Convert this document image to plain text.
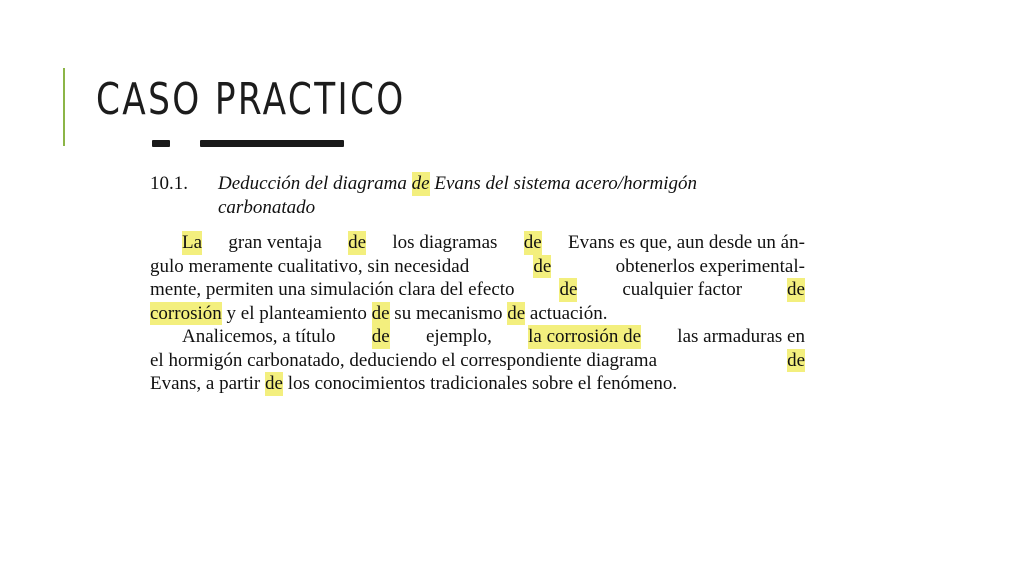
CASO PRACTICO
10.1.	Deducción del diagrama de Evans del sistema acero/hormigón
carbonatado
La gran ventaja de los diagramas de Evans es que, aun desde un án-
gulo meramente cualitativo, sin necesidad	de	obtenerlos experimental-
mente, permiten una simulación clara del efecto de cualquier factor de
corrosión y el planteamiento de su mecanismo de actuación.
Analicemos, a título de ejemplo, la corrosión de las armaduras en
el hormigón carbonatado, deduciendo el correspondiente diagrama	de
Evans, a partir de los conocimientos tradicionales sobre el fenómeno.
